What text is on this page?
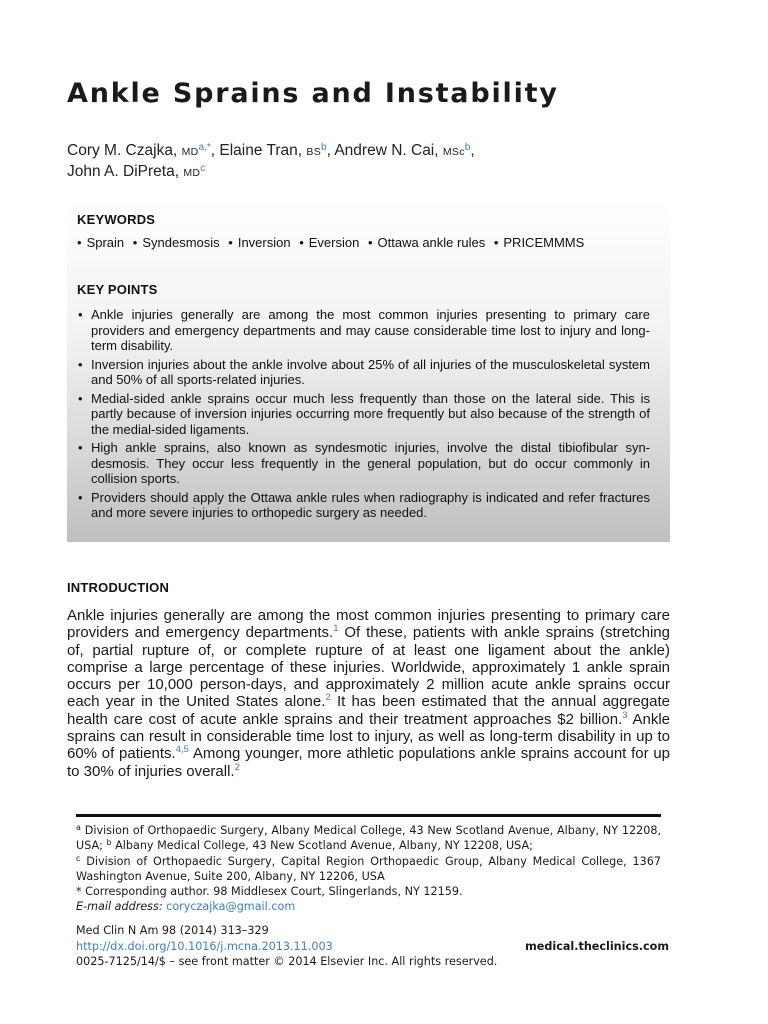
Ankle Sprains and Instability
Cory M. Czajka, $MD^{a,*}$, Elaine Tran, $BS^b$, Andrew N. Cai, MSc$^b$,
John A. DiPreta, $MD^c$
KEYWORDS
• Sprain • Syndesmosis • Inversion • Eversion • Ottawa ankle rules • PRICEMMMS
KEY POINTS
• Ankle injuries generally are among the most common injuries presenting to primary care providers and emergency departments and may cause considerable time lost to injury and long-term disability.
• Inversion injuries about the ankle involve about 25% of all injuries of the musculoskeletal system and 50% of all sports-related injuries.
• Medial-sided ankle sprains occur much less frequently than those on the lateral side. This is partly because of inversion injuries occurring more frequently but also because of the strength of the medial-sided ligaments.
• High ankle sprains, also known as syndesmotic injuries, involve the distal tibiofibular syn-desmosis. They occur less frequently in the general population, but do occur commonly in collision sports.
• Providers should apply the Ottawa ankle rules when radiography is indicated and refer fractures and more severe injuries to orthopedic surgery as needed.
INTRODUCTION

Ankle injuries generally are among the most common injuries presenting to primary care providers and emergency departments.$^1$ Of these, patients with ankle sprains (stretching of, partial rupture of, or complete rupture of at least one ligament about the ankle) comprise a large percentage of these injuries. Worldwide, approximately 1 ankle sprain occurs per 10,000 person-days, and approximately 2 million acute ankle sprains occur each year in the United States alone.$^2$ It has been estimated that the annual aggregate health care cost of acute ankle sprains and their treatment approaches $2 billion.$^3$ Ankle sprains can result in considerable time lost to injury, as well as long-term disability in up to 60% of patients.$^{4,5}$ Among younger, more athletic populations ankle sprains account for up to 30% of injuries overall.$^2$

$^a$ Division of Orthopaedic Surgery, Albany Medical College, 43 New Scotland Avenue, Albany, NY 12208, USA; $^b$ Albany Medical College, 43 New Scotland Avenue, Albany, NY 12208, USA;
$^c$ Division of Orthopaedic Surgery, Capital Region Orthopaedic Group, Albany Medical College, 1367 Washington Avenue, Suite 200, Albany, NY 12206, USA
* Corresponding author. 98 Middlesex Court, Slingerlands, NY 12159.
E-mail address: coryczajka@gmail.com
Med Clin N Am 98 (2014) 313–329
http://dx.doi.org/10.1016/j.mcna.2013.11.003	medical.theclinics.com
0025-7125/14/$ – see front matter © 2014 Elsevier Inc. All rights reserved.
